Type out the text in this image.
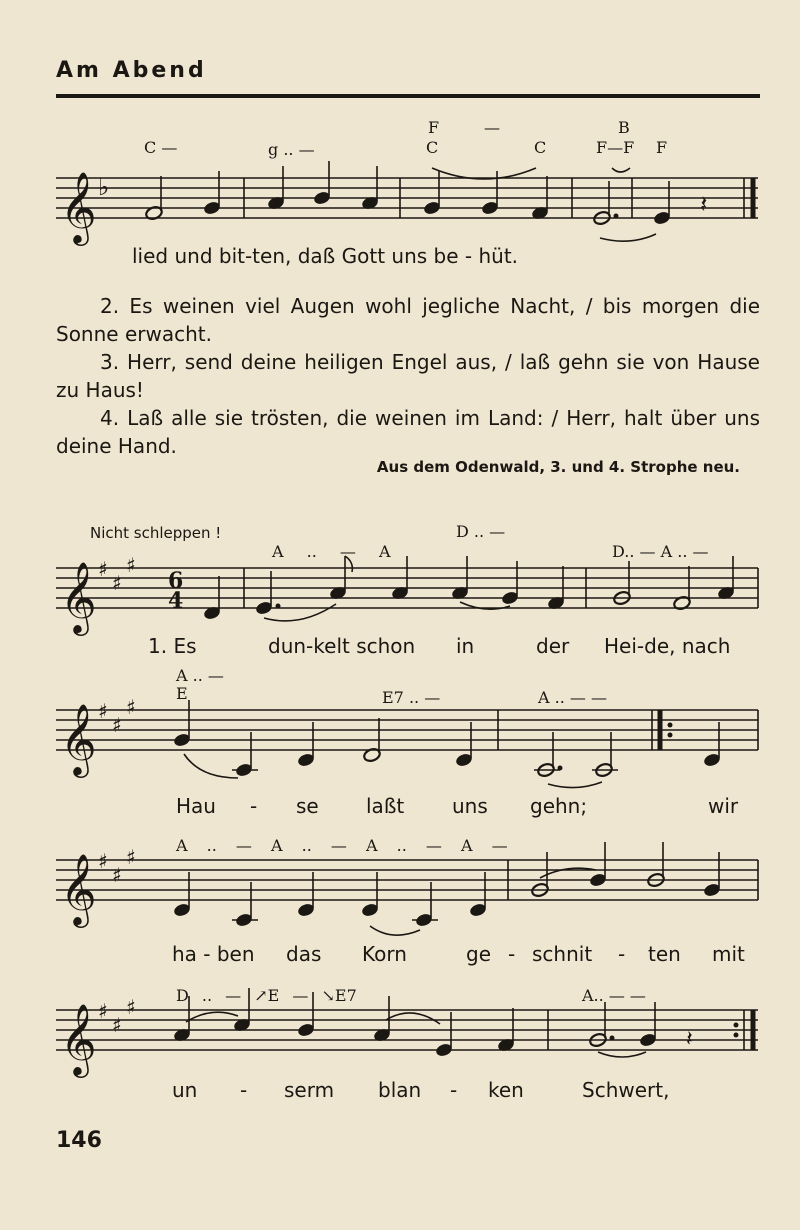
Am Abend
F	—	B
C —	g .. —	C	C	F—F F
𝄞 ♭
𝄽
lied und bit-ten, daß Gott uns be - hüt.
2. Es weinen viel Augen wohl jegliche Nacht, / bis morgen die Sonne erwacht.
3. Herr, send deine heiligen Engel aus, / laß gehn sie von Hause zu Haus!
4. Laß alle sie trösten, die weinen im Land: / Herr, halt über uns deine Hand.
Aus dem Odenwald, 3. und 4. Strophe neu.
Nicht schleppen !	D .. —
A .. — A	D.. — A .. —
𝄞 ♯
♯
♯
6
4
1. Es	dun-kelt schon in	der Hei-de, nach
A .. —
E	E7 .. —	A .. — —
𝄞 ♯
♯
♯
Hau - se laßt uns gehn;	wir
A .. — A .. — A .. — A —
𝄞 ♯
♯
♯
ha - ben das Korn	ge - schnit - ten mit
D .. — ↗E — ↘E7	A.. — —
𝄞 ♯
♯
♯
𝄽
un - serm blan - ken	Schwert,
146
